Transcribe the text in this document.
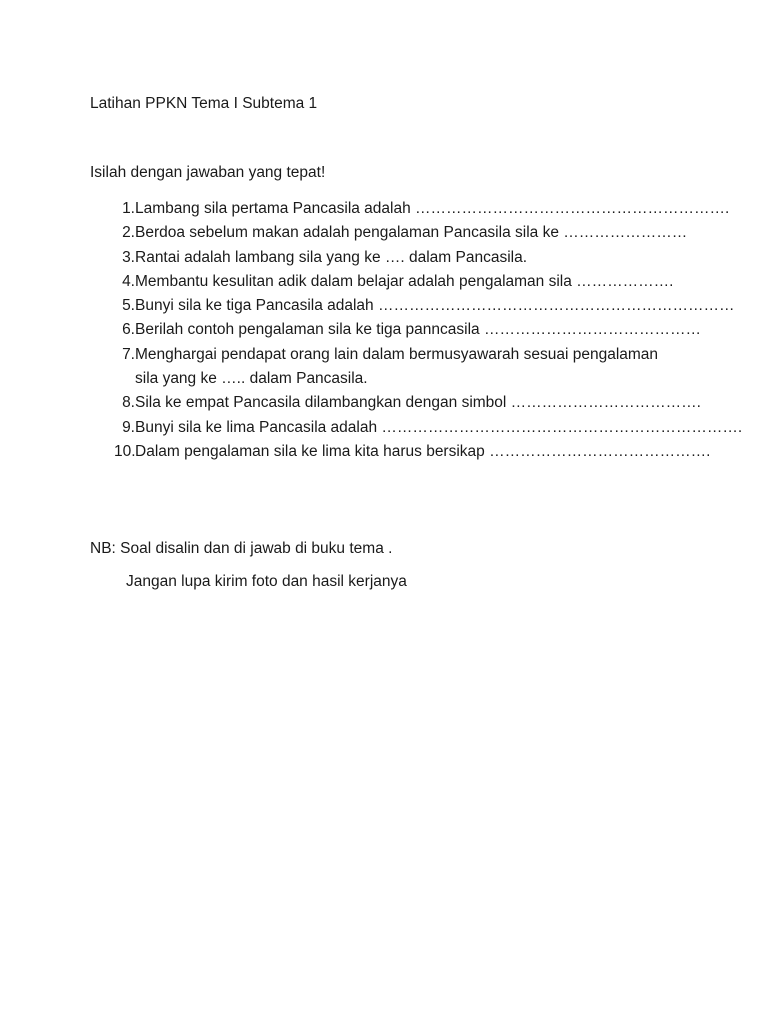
Latihan PPKN Tema I Subtema 1
Isilah dengan jawaban yang tepat!
1. Lambang sila pertama Pancasila adalah …………………………………………………….
2. Berdoa sebelum makan adalah pengalaman Pancasila sila ke ……………………
3. Rantai adalah lambang sila yang ke …. dalam Pancasila.
4. Membantu kesulitan adik dalam belajar adalah pengalaman sila ……………….
5. Bunyi sila ke tiga Pancasila adalah ……………………………………………………………
6. Berilah contoh pengalaman sila ke tiga panncasila ……………………………………
7. Menghargai pendapat orang lain dalam bermusyawarah sesuai pengalaman
sila yang ke ….. dalam Pancasila.
8. Sila ke empat Pancasila dilambangkan dengan simbol ……………………………….
9. Bunyi sila ke lima Pancasila adalah …………………………………………………………….
10. Dalam pengalaman sila ke lima kita harus bersikap …………………………………….
NB: Soal disalin dan di jawab di buku tema .
Jangan lupa kirim foto dan hasil kerjanya
